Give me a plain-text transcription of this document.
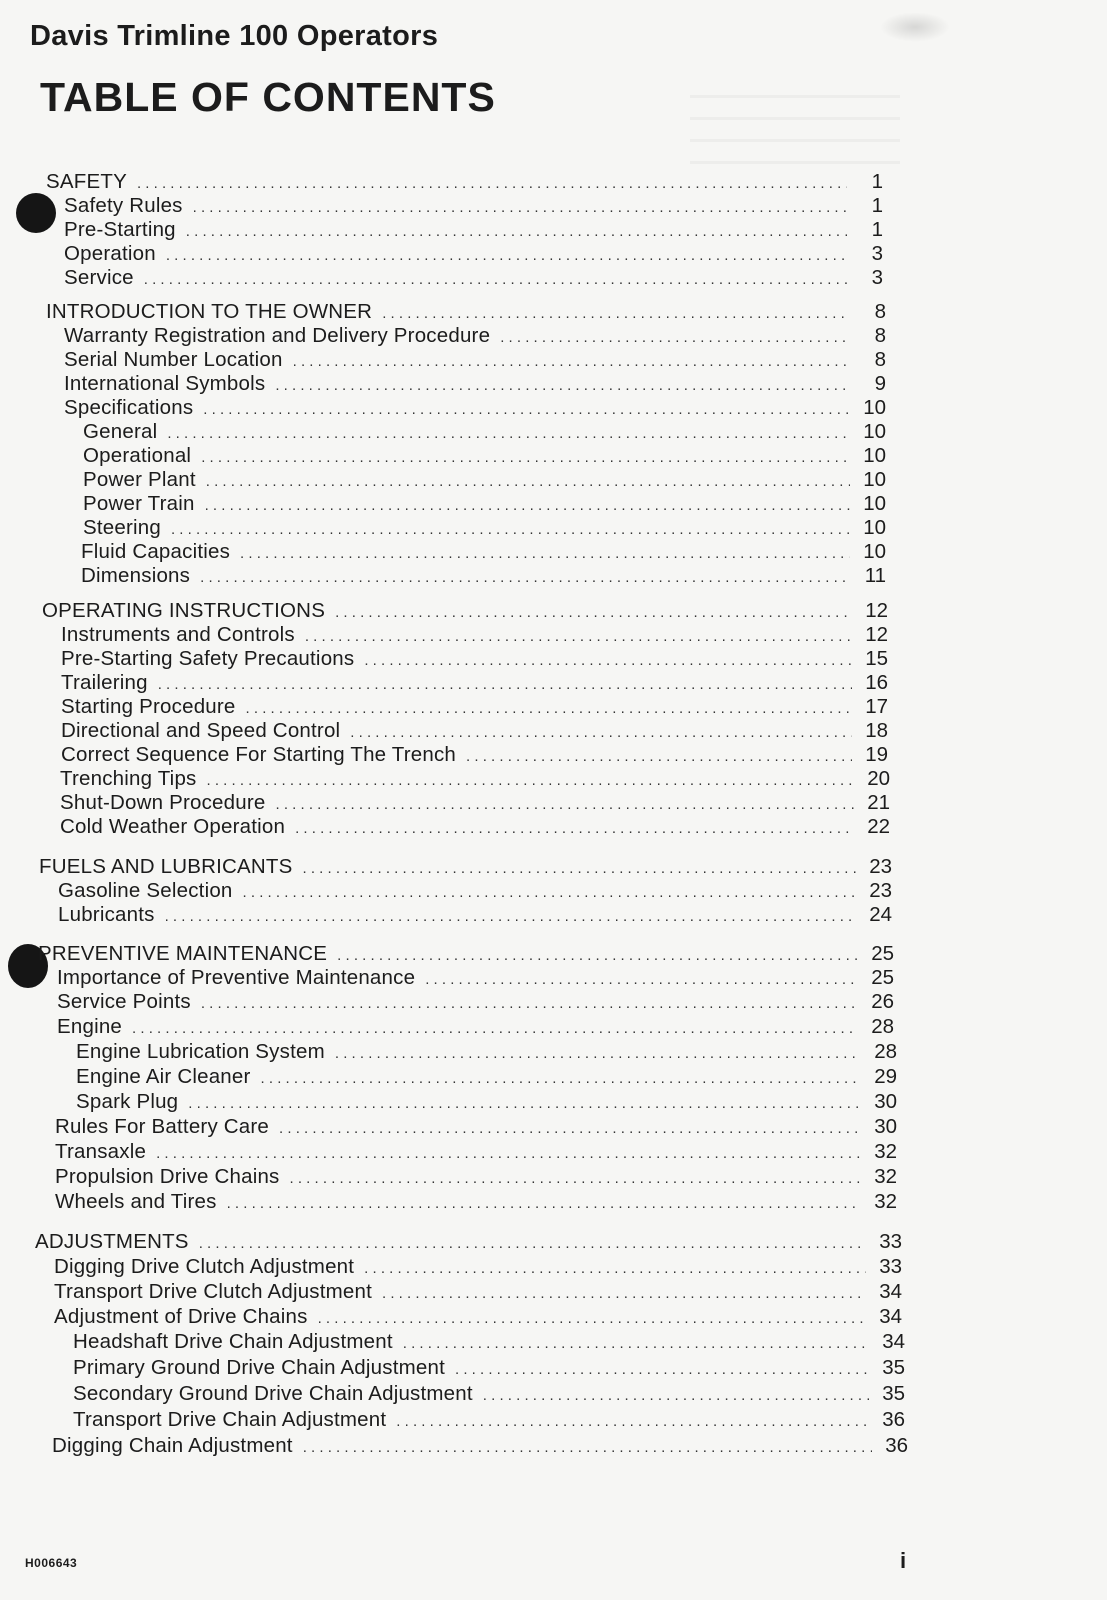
Davis Trimline 100 Operators
TABLE OF CONTENTS
SAFETY . . .	1
Safety Rules . . .	1
Pre-Starting . . .	1
Operation . . .	3
Service . . .	3
INTRODUCTION TO THE OWNER . . .	8
Warranty Registration and Delivery Procedure . . .	8
Serial Number Location . . .	8
International Symbols . . .	9
Specifications . . .	10
General . . .	10
Operational . . .	10
Power Plant . . .	10
Power Train . . .	10
Steering . . .	10
Fluid Capacities . . .	10
Dimensions . . .	11
OPERATING INSTRUCTIONS . . .	12
Instruments and Controls . . .	12
Pre-Starting Safety Precautions . . .	15
Trailering . . .	16
Starting Procedure . . .	17
Directional and Speed Control . . .	18
Correct Sequence For Starting The Trench . . .	19
Trenching Tips . . .	20
Shut-Down Procedure . . .	21
Cold Weather Operation . . .	22
FUELS AND LUBRICANTS . . .	23
Gasoline Selection . . .	23
Lubricants . . .	24
PREVENTIVE MAINTENANCE . . .	25
Importance of Preventive Maintenance . . .	25
Service Points . . .	26
Engine . . .	28
Engine Lubrication System . . .	28
Engine Air Cleaner . . .	29
Spark Plug . . .	30
Rules For Battery Care . . .	30
Transaxle . . .	32
Propulsion Drive Chains . . .	32
Wheels and Tires . . .	32
ADJUSTMENTS . . .	33
Digging Drive Clutch Adjustment . . .	33
Transport Drive Clutch Adjustment . . .	34
Adjustment of Drive Chains . . .	34
Headshaft Drive Chain Adjustment . . .	34
Primary Ground Drive Chain Adjustment . . .	35
Secondary Ground Drive Chain Adjustment . . .	35
Transport Drive Chain Adjustment . . .	36
Digging Chain Adjustment . . .	36
H006643	i
